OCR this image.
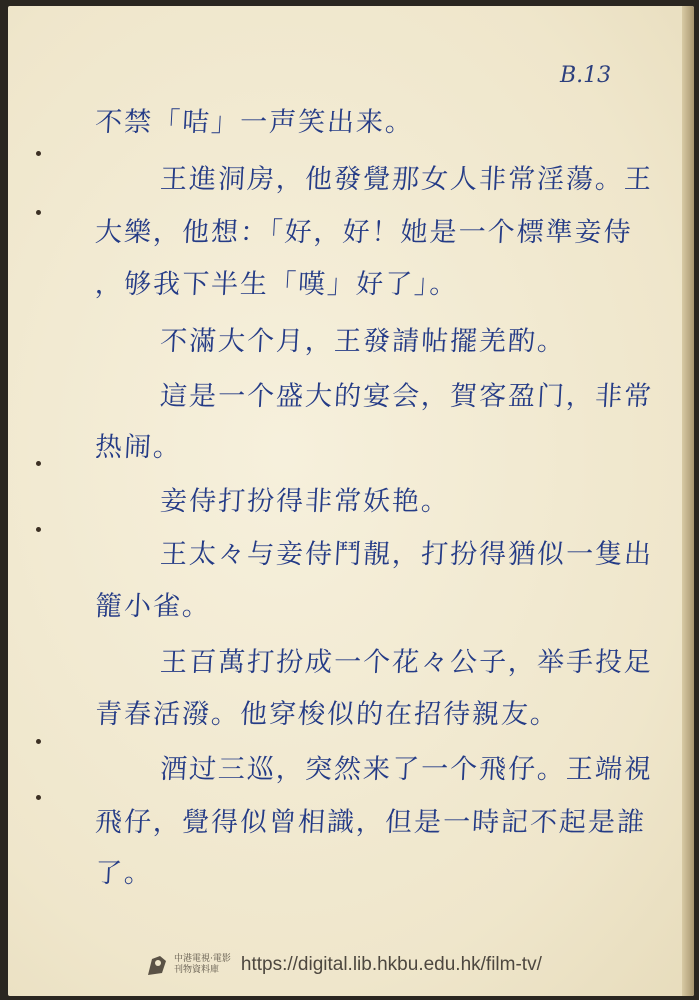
B.13
不禁「咭」一声笑出来。
王進洞房，他發覺那女人非常淫蕩。王
大樂，他想：「好，好！她是一个標準妾侍
，够我下半生「嘆」好了」。
不滿大个月，王發請帖擺羌酌。
這是一个盛大的宴会，賀客盈门，非常
热闹。
妾侍打扮得非常妖艳。
王太々与妾侍鬥靚，打扮得猶似一隻出
籠小雀。
王百萬打扮成一个花々公子，举手投足
青春活潑。他穿梭似的在招待親友。
酒过三巡，突然来了一个飛仔。王端視
飛仔，覺得似曾相識，但是一時記不起是誰
了。
中港電視·電影
刊物資料庫	https://digital.lib.hkbu.edu.hk/film-tv/
